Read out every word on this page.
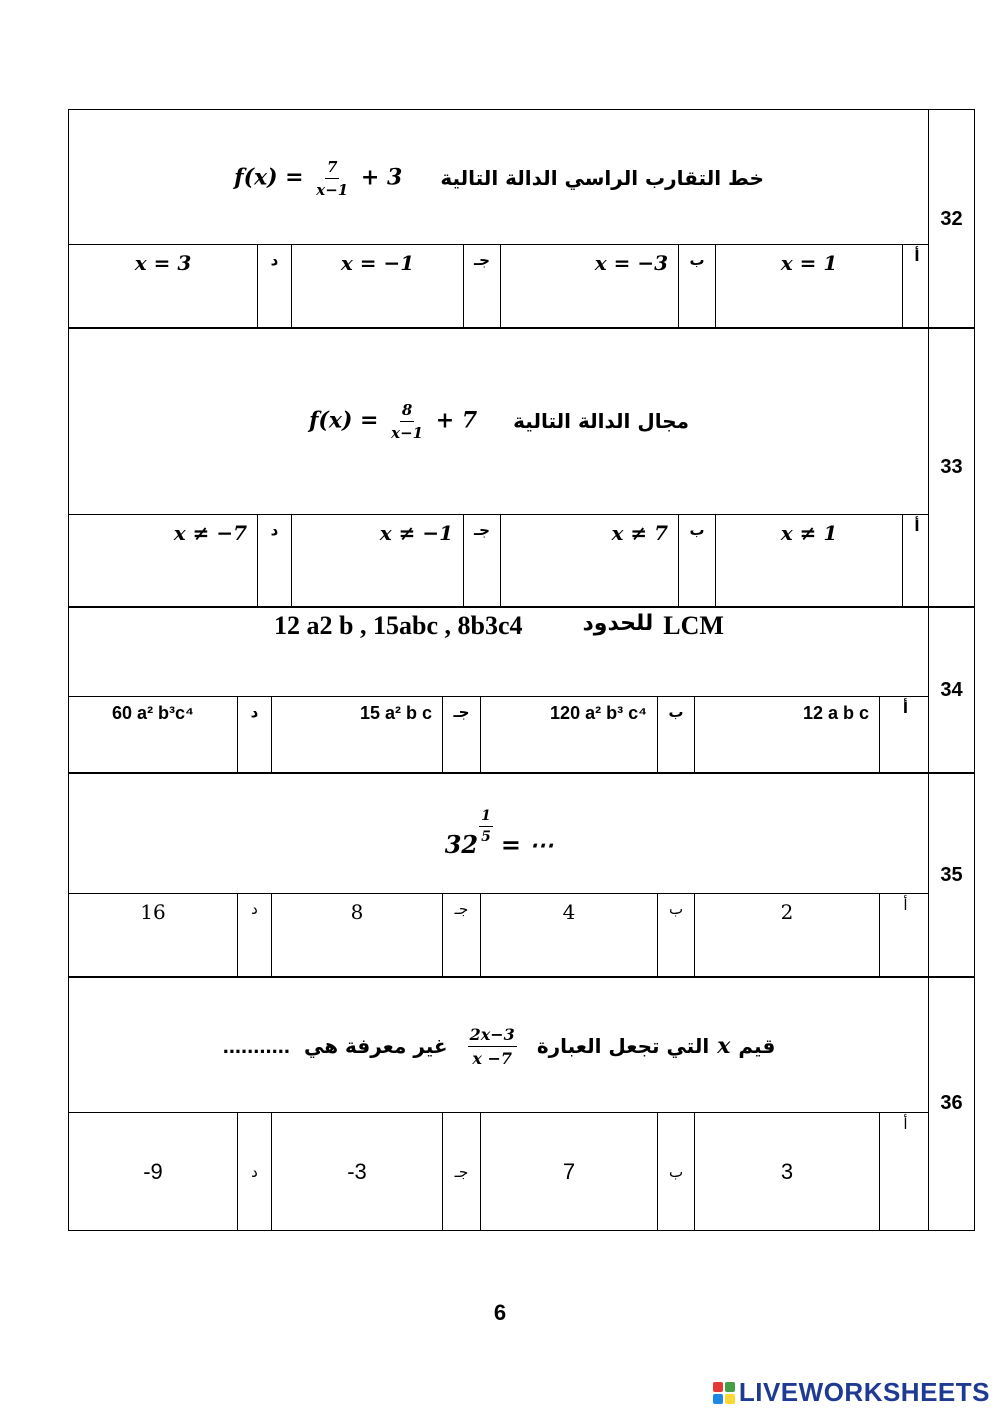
$f(x) = \frac{7}{x-1} + 3$ خط التقارب الراسي الدالة التالية
x = 3	د	x = −1	جـ	x = −3 ب	x = 1	أ
32
$f(x) = \frac{8}{x-1} + 7$ مجال الدالة التالية
x ≠ −7 د	x ≠ −1 جـ	x ≠ 7 ب	x ≠ 1	أ
33
12 a2 b , 15abc , 8b3c4	للحدود LCM
60 a² b³c⁴	د	15 a² b c جـ	120 a² b³ c⁴ ب	12 a b c أ
34
$32 \frac{1}{5}$ = ⋯
16	د	8	جـ	4	ب	2	أ
35
........... غير معرفة هي $\frac{2x-3}{x -7}$ التي تجعل العبارة x قيم
-9	د	-3	جـ	7	ب	3
أ
36
6
LIVEWORKSHEETS
